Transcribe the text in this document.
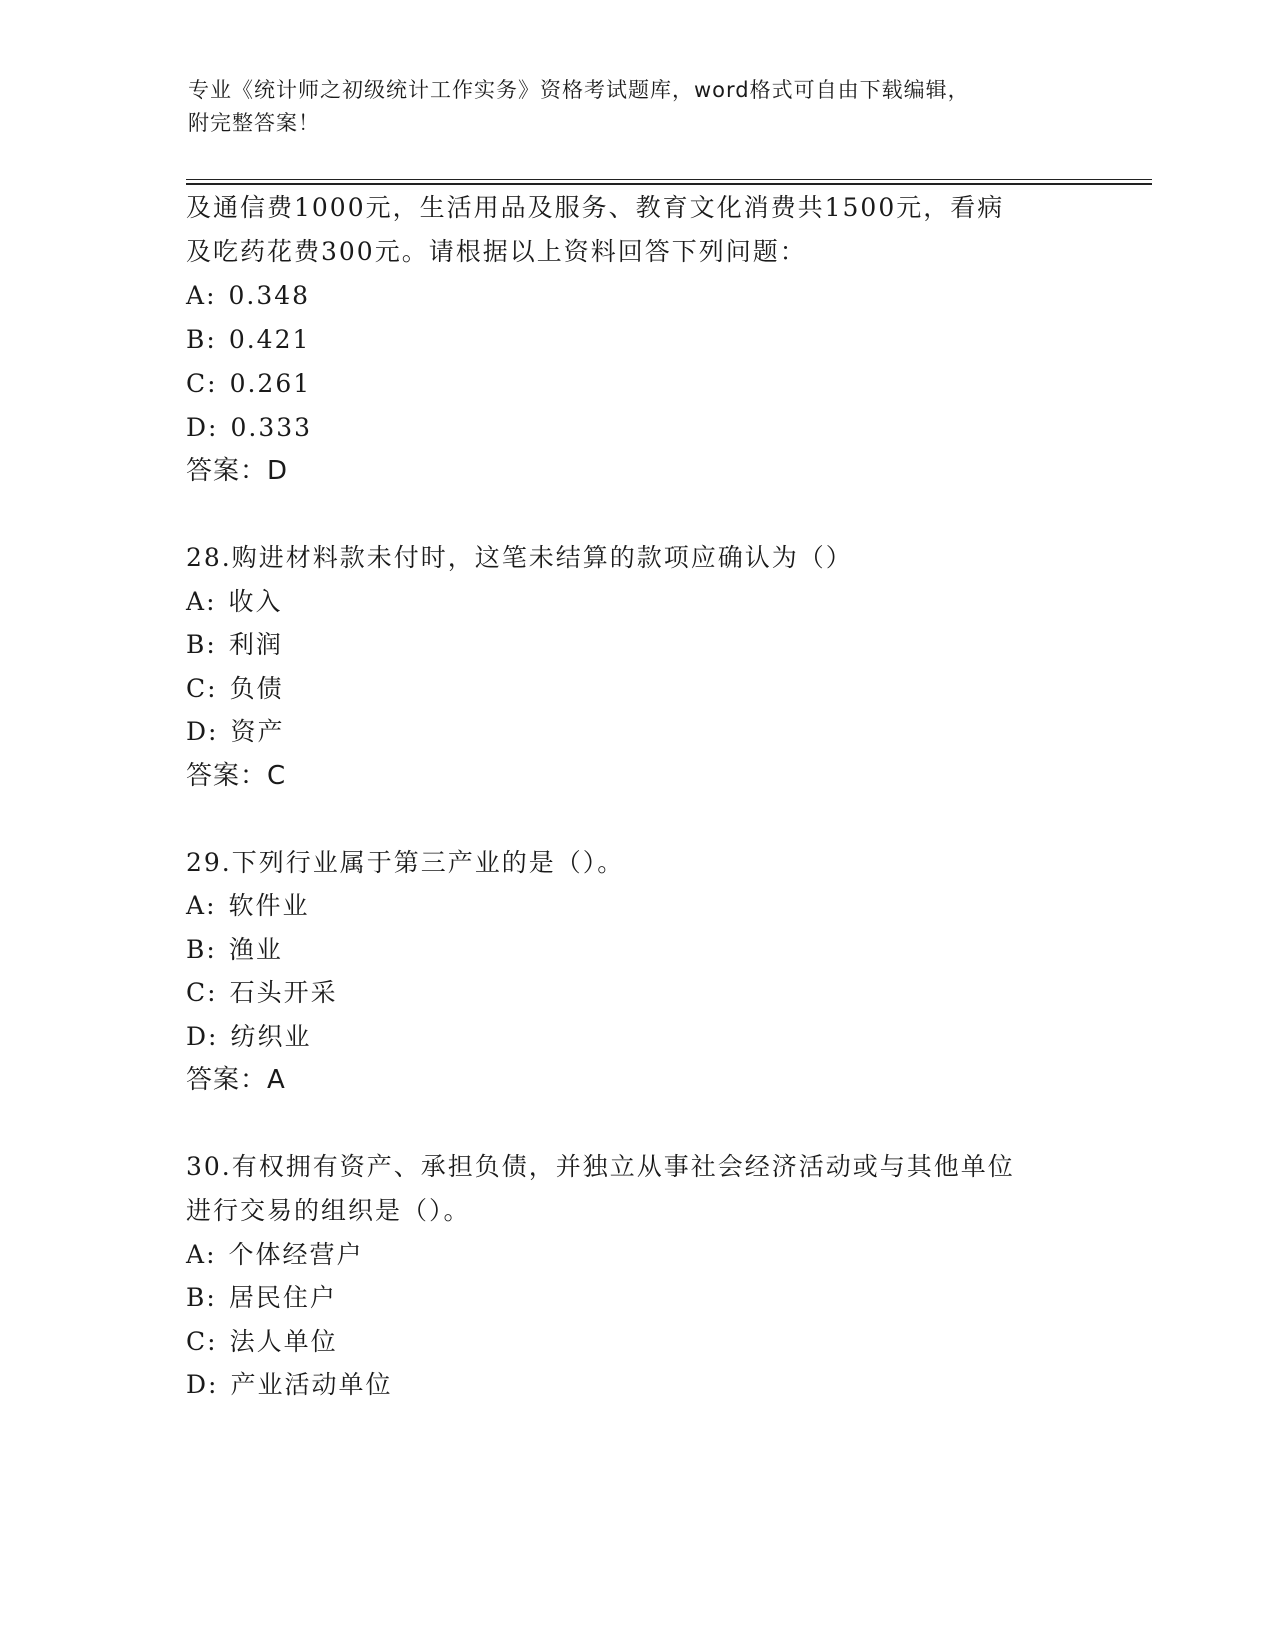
专业《统计师之初级统计工作实务》资格考试题库，word格式可自由下载编辑，
附完整答案！
及通信费1000元，生活用品及服务、教育文化消费共1500元，看病
及吃药花费300元。请根据以上资料回答下列问题：
A: 0.348
B: 0.421
C: 0.261
D: 0.333
答案：D
28.购进材料款未付时，这笔未结算的款项应确认为（）
A: 收入
B: 利润
C: 负债
D: 资产
答案：C
29.下列行业属于第三产业的是（）。
A: 软件业
B: 渔业
C: 石头开采
D: 纺织业
答案：A
30.有权拥有资产、承担负债，并独立从事社会经济活动或与其他单位
进行交易的组织是（）。
A: 个体经营户
B: 居民住户
C: 法人单位
D: 产业活动单位
